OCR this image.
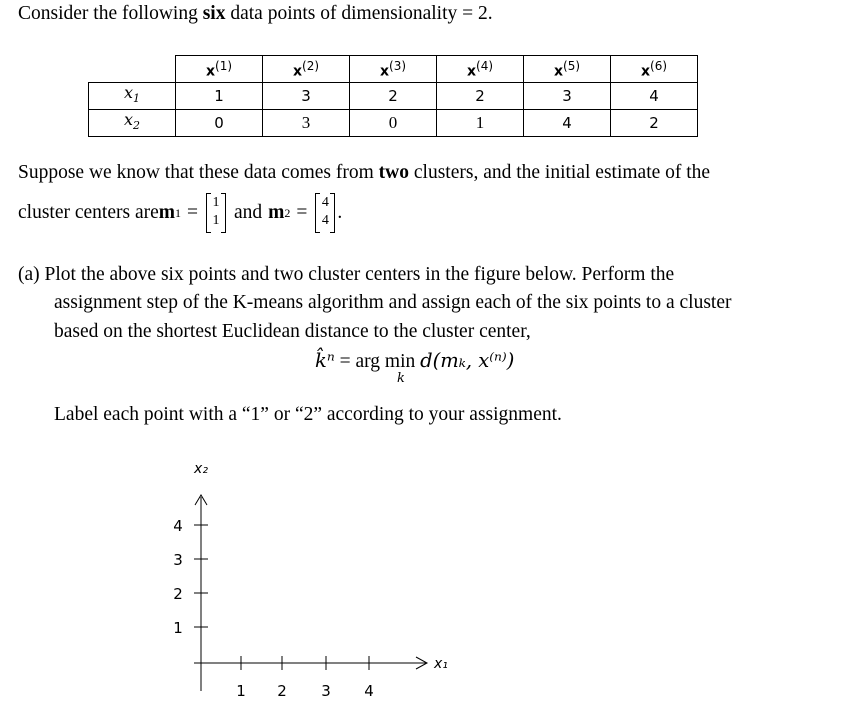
Consider the following six data points of dimensionality = 2.
	$x^{(1)}$	$x^{(2)}$	$x^{(3)}$	$x^{(4)}$	$x^{(5)}$	$x^{(6)}$
$x_1$	1	3	2	2	3	4
$x_2$	0	3	0	1	4	2
Suppose we know that these data comes from two clusters, and the initial estimate of the
cluster centers are m 1 =	1
1 and m 2 =	4
4 .
(a) Plot the above six points and two cluster centers in the figure below. Perform the
assignment step of the K-means algorithm and assign each of the six points to a cluster
based on the shortest Euclidean distance to the cluster center,
k̂ⁿ = arg min d(mₖ, x⁽ⁿ⁾)
k
Label each point with a “1” or “2” according to your assignment.
4
3
2
1
1 2 3 4
x₂
x₁
